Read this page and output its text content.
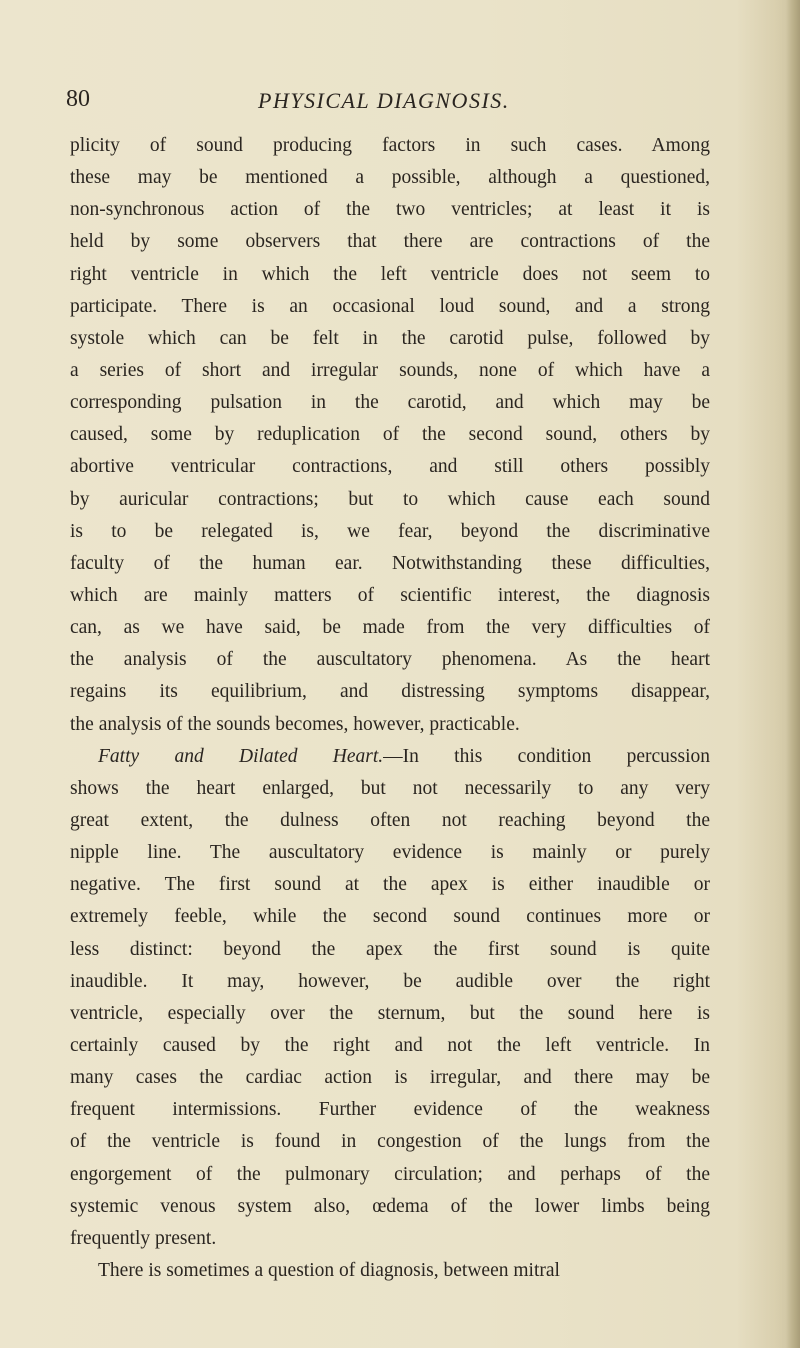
80	PHYSICAL DIAGNOSIS.
plicity of sound producing factors in such cases. Among
these may be mentioned a possible, although a questioned,
non-synchronous action of the two ventricles; at least it is
held by some observers that there are contractions of the
right ventricle in which the left ventricle does not seem to
participate. There is an occasional loud sound, and a strong
systole which can be felt in the carotid pulse, followed by
a series of short and irregular sounds, none of which have a
corresponding pulsation in the carotid, and which may be
caused, some by reduplication of the second sound, others by
abortive ventricular contractions, and still others possibly
by auricular contractions; but to which cause each sound
is to be relegated is, we fear, beyond the discriminative
faculty of the human ear. Notwithstanding these difficulties,
which are mainly matters of scientific interest, the diagnosis
can, as we have said, be made from the very difficulties of
the analysis of the auscultatory phenomena. As the heart
regains its equilibrium, and distressing symptoms disappear,
the analysis of the sounds becomes, however, practicable.
Fatty and Dilated Heart.—In this condition percussion
shows the heart enlarged, but not necessarily to any very
great extent, the dulness often not reaching beyond the
nipple line. The auscultatory evidence is mainly or purely
negative. The first sound at the apex is either inaudible or
extremely feeble, while the second sound continues more or
less distinct: beyond the apex the first sound is quite
inaudible. It may, however, be audible over the right
ventricle, especially over the sternum, but the sound here is
certainly caused by the right and not the left ventricle. In
many cases the cardiac action is irregular, and there may be
frequent intermissions. Further evidence of the weakness
of the ventricle is found in congestion of the lungs from the
engorgement of the pulmonary circulation; and perhaps of the
systemic venous system also, œdema of the lower limbs being
frequently present.
There is sometimes a question of diagnosis, between mitral
